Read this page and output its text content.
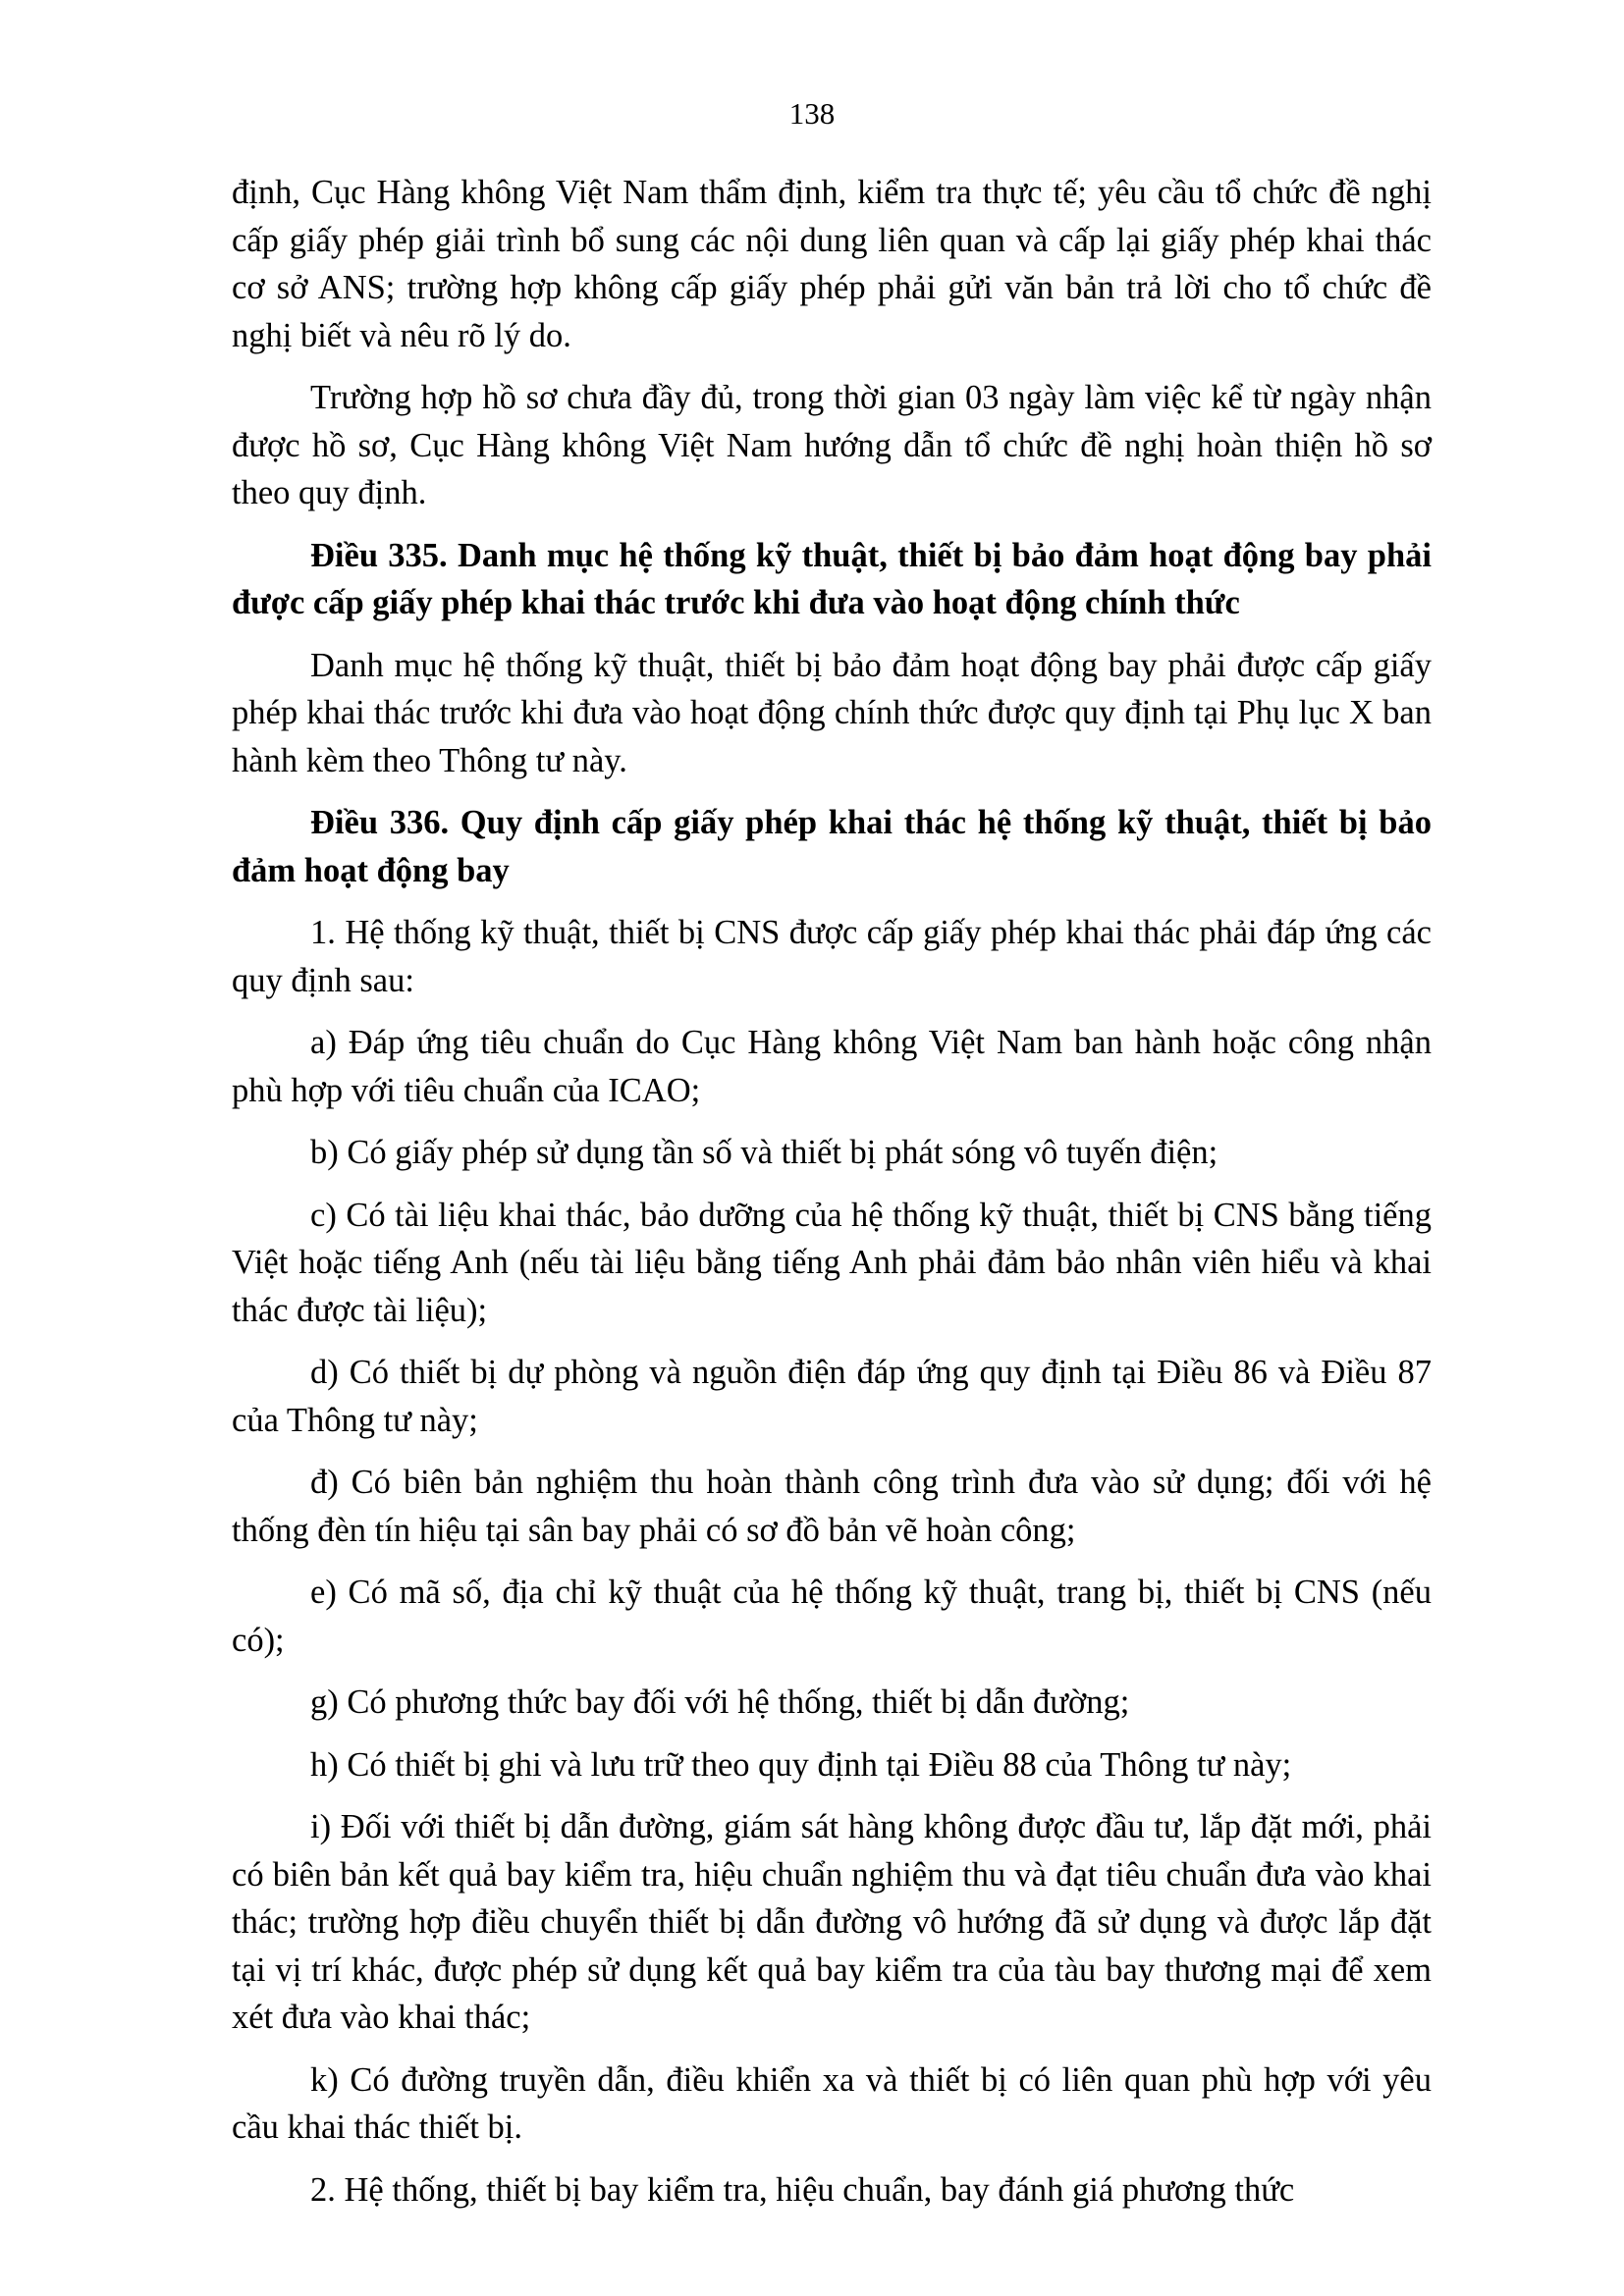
138

định, Cục Hàng không Việt Nam thẩm định, kiểm tra thực tế; yêu cầu tổ chức đề nghị cấp giấy phép giải trình bổ sung các nội dung liên quan và cấp lại giấy phép khai thác cơ sở ANS; trường hợp không cấp giấy phép phải gửi văn bản trả lời cho tổ chức đề nghị biết và nêu rõ lý do.

Trường hợp hồ sơ chưa đầy đủ, trong thời gian 03 ngày làm việc kể từ ngày nhận được hồ sơ, Cục Hàng không Việt Nam hướng dẫn tổ chức đề nghị hoàn thiện hồ sơ theo quy định.

Điều 335. Danh mục hệ thống kỹ thuật, thiết bị bảo đảm hoạt động bay phải được cấp giấy phép khai thác trước khi đưa vào hoạt động chính thức

Danh mục hệ thống kỹ thuật, thiết bị bảo đảm hoạt động bay phải được cấp giấy phép khai thác trước khi đưa vào hoạt động chính thức được quy định tại Phụ lục X ban hành kèm theo Thông tư này.

Điều 336. Quy định cấp giấy phép khai thác hệ thống kỹ thuật, thiết bị bảo đảm hoạt động bay

1. Hệ thống kỹ thuật, thiết bị CNS được cấp giấy phép khai thác phải đáp ứng các quy định sau:

a) Đáp ứng tiêu chuẩn do Cục Hàng không Việt Nam ban hành hoặc công nhận phù hợp với tiêu chuẩn của ICAO;

b) Có giấy phép sử dụng tần số và thiết bị phát sóng vô tuyến điện;

c) Có tài liệu khai thác, bảo dưỡng của hệ thống kỹ thuật, thiết bị CNS bằng tiếng Việt hoặc tiếng Anh (nếu tài liệu bằng tiếng Anh phải đảm bảo nhân viên hiểu và khai thác được tài liệu);

d) Có thiết bị dự phòng và nguồn điện đáp ứng quy định tại Điều 86 và Điều 87 của Thông tư này;

đ) Có biên bản nghiệm thu hoàn thành công trình đưa vào sử dụng; đối với hệ thống đèn tín hiệu tại sân bay phải có sơ đồ bản vẽ hoàn công;

e) Có mã số, địa chỉ kỹ thuật của hệ thống kỹ thuật, trang bị, thiết bị CNS (nếu có);

g) Có phương thức bay đối với hệ thống, thiết bị dẫn đường;

h) Có thiết bị ghi và lưu trữ theo quy định tại Điều 88 của Thông tư này;

i) Đối với thiết bị dẫn đường, giám sát hàng không được đầu tư, lắp đặt mới, phải có biên bản kết quả bay kiểm tra, hiệu chuẩn nghiệm thu và đạt tiêu chuẩn đưa vào khai thác; trường hợp điều chuyển thiết bị dẫn đường vô hướng đã sử dụng và được lắp đặt tại vị trí khác, được phép sử dụng kết quả bay kiểm tra của tàu bay thương mại để xem xét đưa vào khai thác;

k) Có đường truyền dẫn, điều khiển xa và thiết bị có liên quan phù hợp với yêu cầu khai thác thiết bị.

2. Hệ thống, thiết bị bay kiểm tra, hiệu chuẩn, bay đánh giá phương thức
